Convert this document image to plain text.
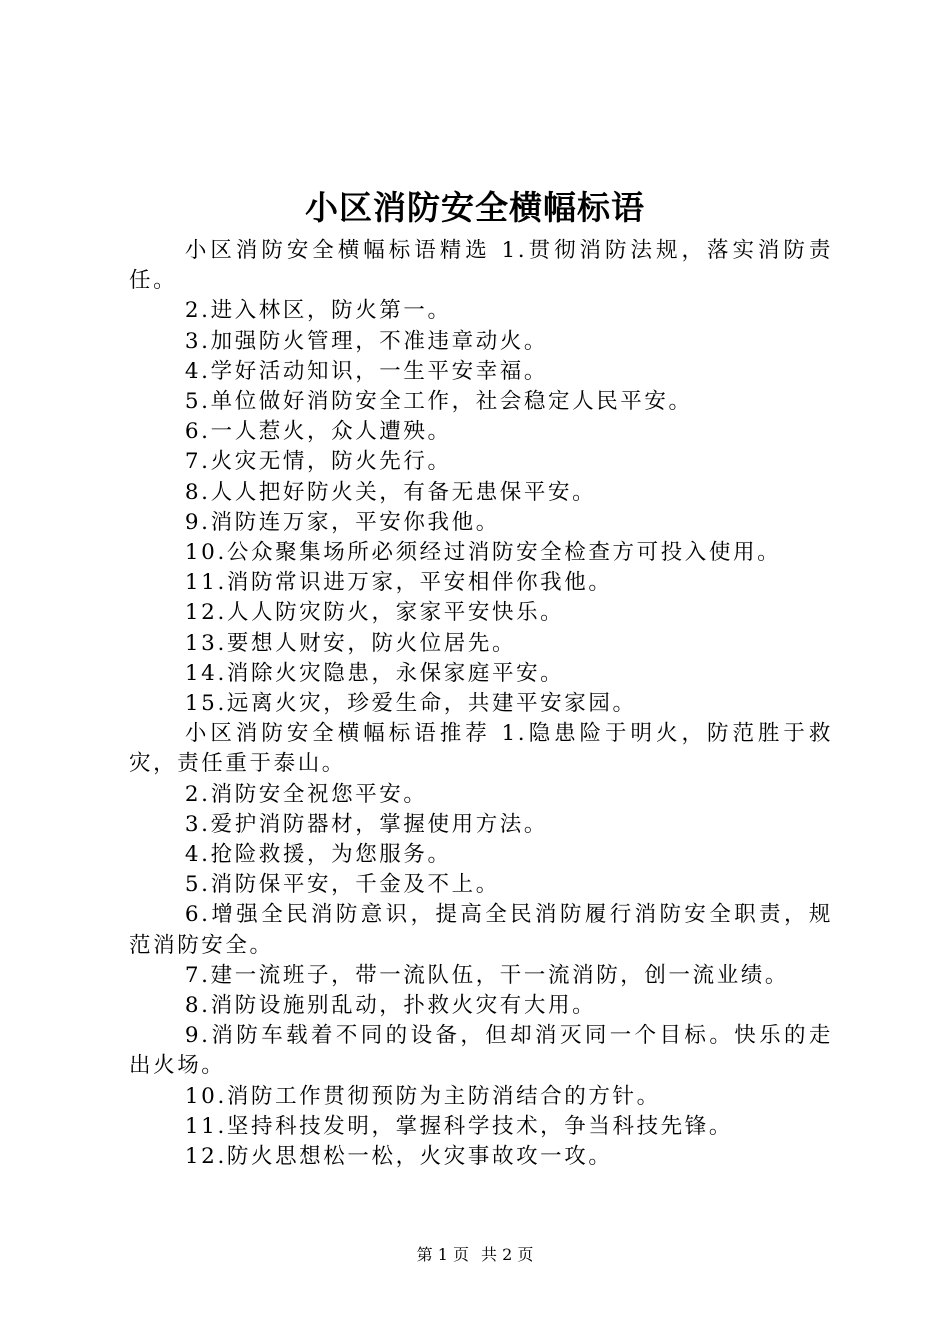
小区消防安全横幅标语

小区消防安全横幅标语精选 1.贯彻消防法规，落实消防责任。

2.进入林区，防火第一。

3.加强防火管理，不准违章动火。

4.学好活动知识，一生平安幸福。

5.单位做好消防安全工作，社会稳定人民平安。

6.一人惹火，众人遭殃。

7.火灾无情，防火先行。

8.人人把好防火关，有备无患保平安。

9.消防连万家，平安你我他。

10.公众聚集场所必须经过消防安全检查方可投入使用。

11.消防常识进万家，平安相伴你我他。

12.人人防灾防火，家家平安快乐。

13.要想人财安，防火位居先。

14.消除火灾隐患，永保家庭平安。

15.远离火灾，珍爱生命，共建平安家园。

小区消防安全横幅标语推荐 1.隐患险于明火，防范胜于救灾，责任重于泰山。

2.消防安全祝您平安。

3.爱护消防器材，掌握使用方法。

4.抢险救援，为您服务。

5.消防保平安，千金及不上。

6.增强全民消防意识，提高全民消防履行消防安全职责，规范消防安全。

7.建一流班子，带一流队伍，干一流消防，创一流业绩。

8.消防设施别乱动，扑救火灾有大用。

9.消防车载着不同的设备，但却消灭同一个目标。快乐的走出火场。

10.消防工作贯彻预防为主防消结合的方针。

11.坚持科技发明，掌握科学技术，争当科技先锋。

12.防火思想松一松，火灾事故攻一攻。

第 1 页 共 2 页
